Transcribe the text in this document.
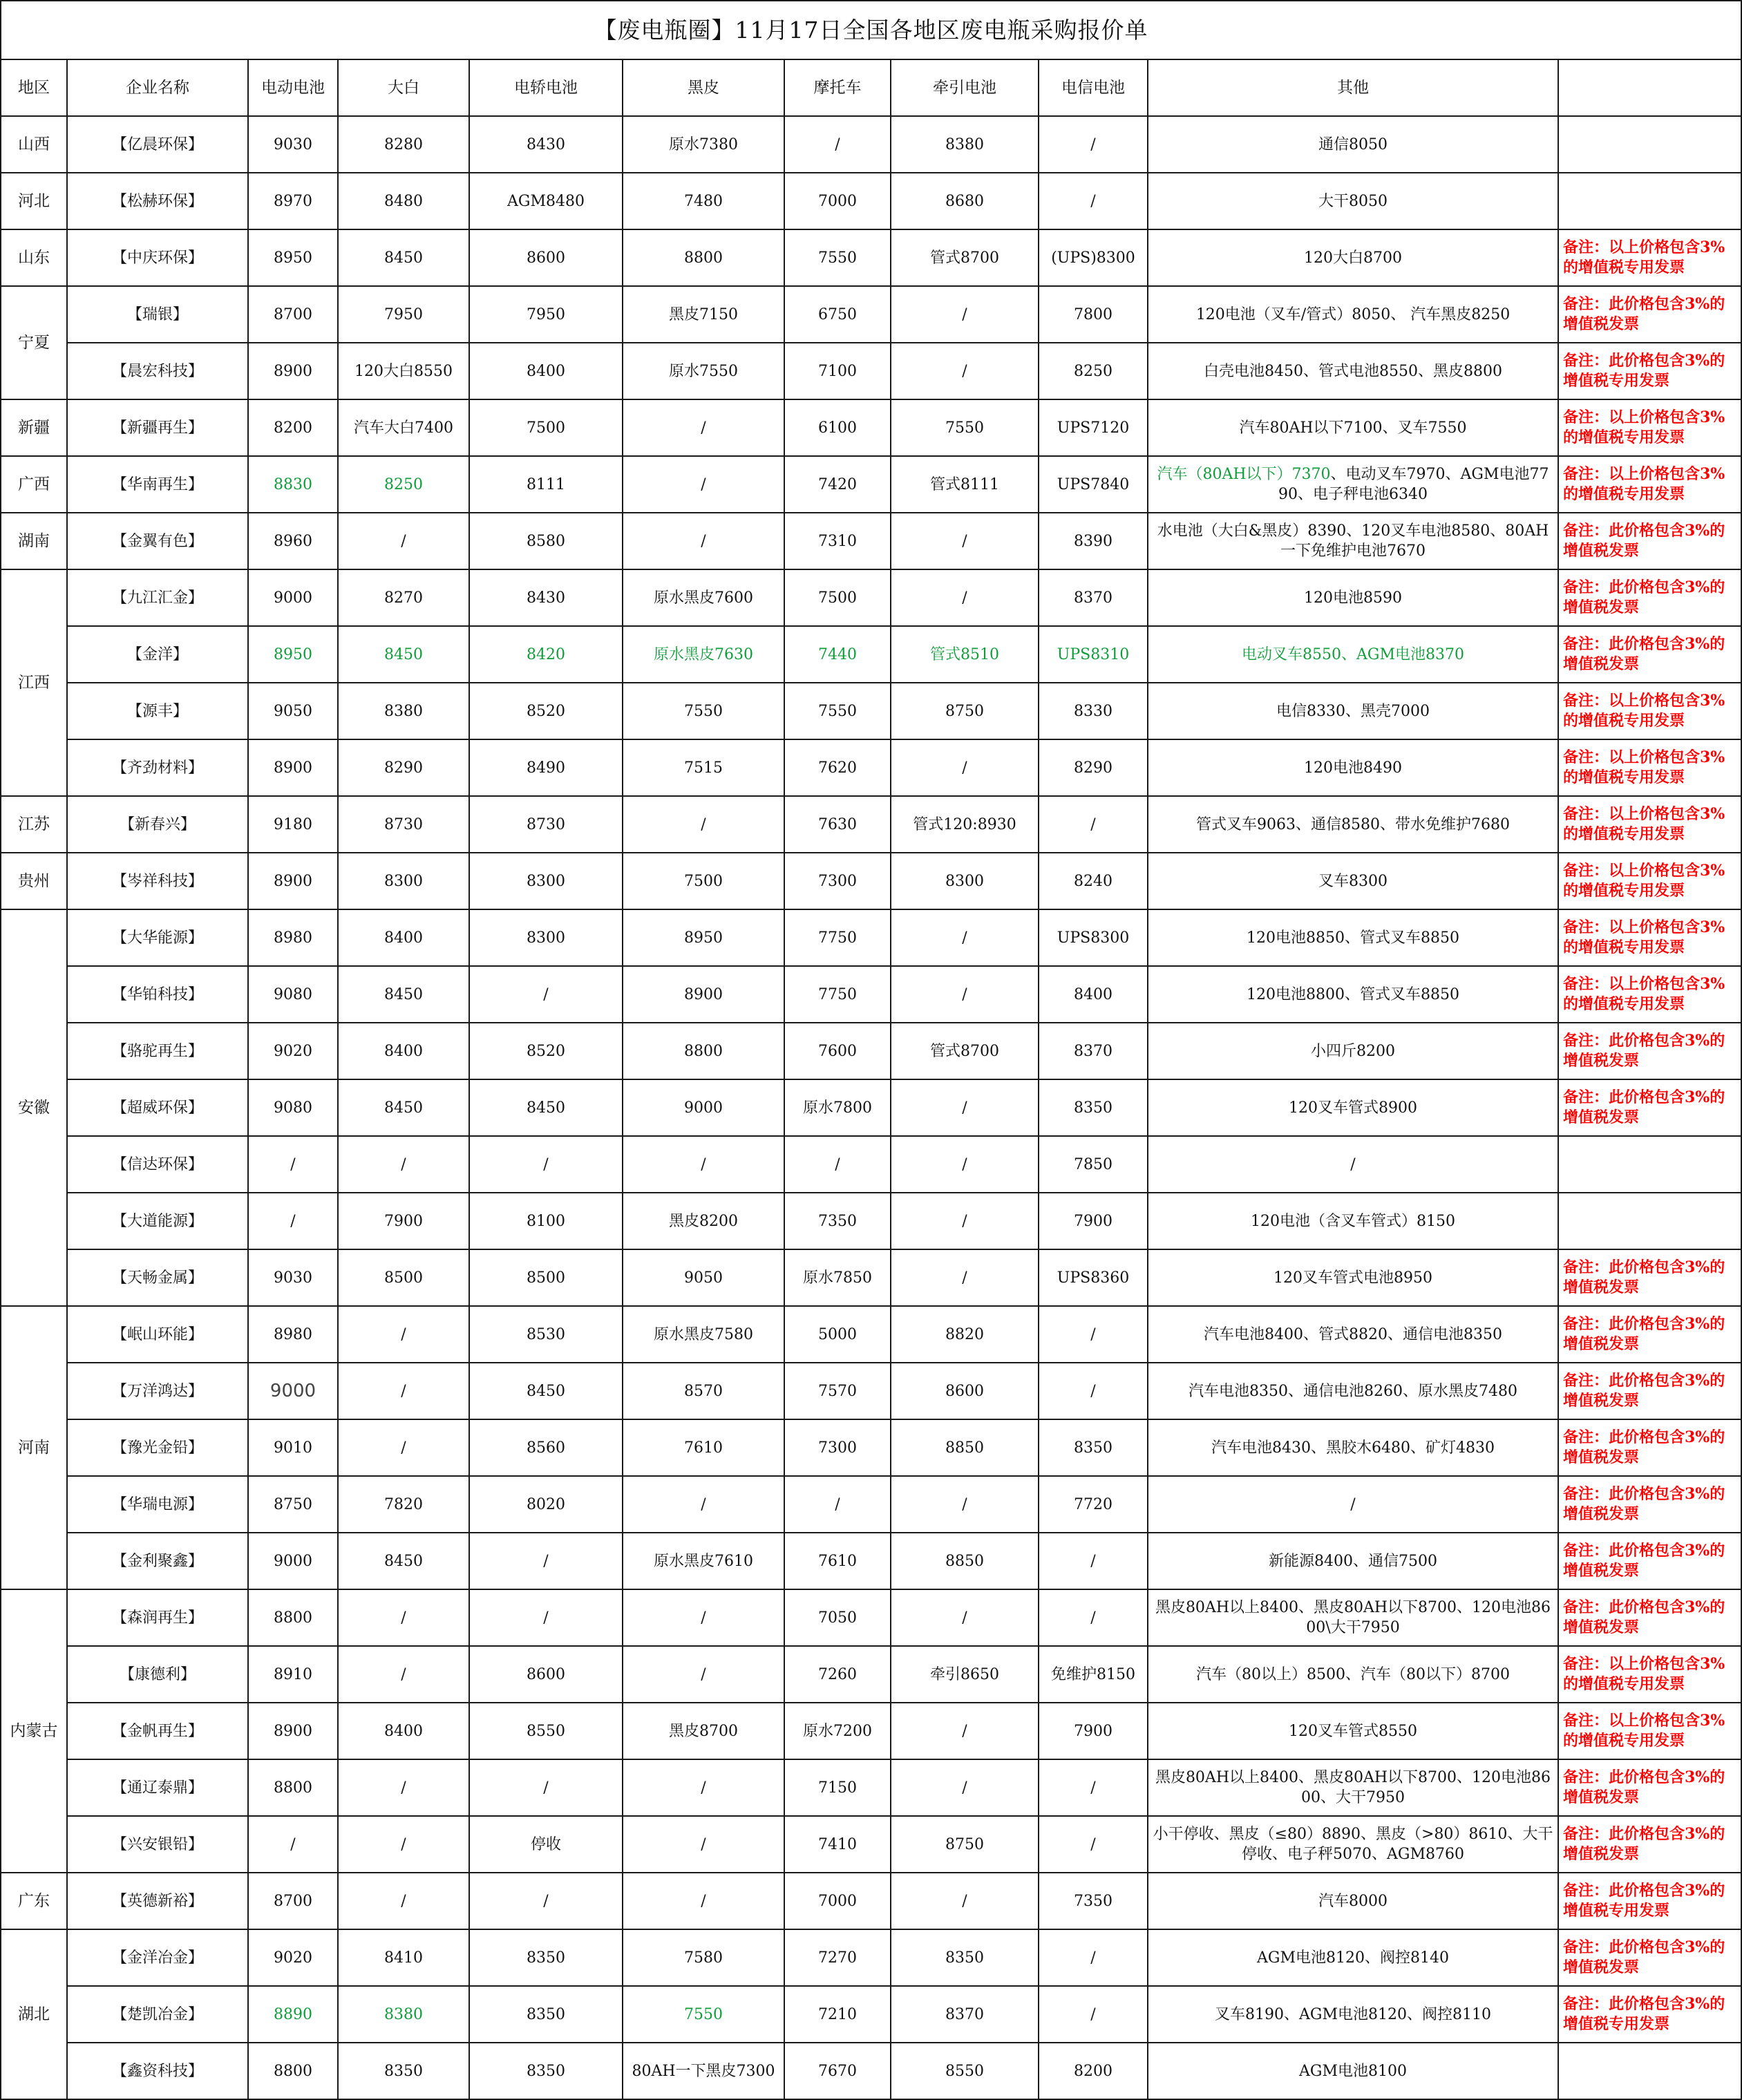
【废电瓶圈】11月17日全国各地区废电瓶采购报价单										
地区	企业名称	电动电池	大白	电轿电池	黑皮	摩托车	牵引电池	电信电池	其他	
山西	【亿晨环保】	9030	8280	8430	原水7380	/	8380	/	通信8050	
河北	【松赫环保】	8970	8480	AGM8480	7480	7000	8680	/	大干8050	
山东	【中庆环保】	8950	8450	8600	8800	7550	管式8700	(UPS)8300	120大白8700	备注：以上价格包含3%的增值税专用发票
宁夏	【瑞银】	8700	7950	7950	黑皮7150	6750	/	7800	120电池（叉车/管式）8050、 汽车黑皮8250	备注：此价格包含3%的增值税发票
	【晨宏科技】	8900	120大白8550	8400	原水7550	7100	/	8250	白壳电池8450、管式电池8550、黑皮8800	备注：此价格包含3%的增值税专用发票
新疆	【新疆再生】	8200	汽车大白7400	7500	/	6100	7550	UPS7120	汽车80AH以下7100、叉车7550	备注：以上价格包含3%的增值税专用发票
广西	【华南再生】	8830	8250	8111	/	7420	管式8111	UPS7840	汽车（80AH以下）7370、电动叉车7970、AGM电池7790、电子秤电池6340	备注：以上价格包含3%的增值税专用发票
湖南	【金翼有色】	8960	/	8580	/	7310	/	8390	水电池（大白&黑皮）8390、120叉车电池8580、80AH一下免维护电池7670	备注：此价格包含3%的增值税发票
江西	【九江汇金】	9000	8270	8430	原水黑皮7600	7500	/	8370	120电池8590	备注：此价格包含3%的增值税发票
	【金洋】	8950	8450	8420	原水黑皮7630	7440	管式8510	UPS8310	电动叉车8550、AGM电池8370	备注：此价格包含3%的增值税发票
	【源丰】	9050	8380	8520	7550	7550	8750	8330	电信8330、黑壳7000	备注：以上价格包含3%的增值税专用发票
	【齐劲材料】	8900	8290	8490	7515	7620	/	8290	120电池8490	备注：以上价格包含3%的增值税专用发票
江苏	【新春兴】	9180	8730	8730	/	7630	管式120:8930	/	管式叉车9063、通信8580、带水免维护7680	备注：以上价格包含3%的增值税专用发票
贵州	【岑祥科技】	8900	8300	8300	7500	7300	8300	8240	叉车8300	备注：以上价格包含3%的增值税专用发票
安徽	【大华能源】	8980	8400	8300	8950	7750	/	UPS8300	120电池8850、管式叉车8850	备注：以上价格包含3%的增值税专用发票
	【华铂科技】	9080	8450	/	8900	7750	/	8400	120电池8800、管式叉车8850	备注：以上价格包含3%的增值税专用发票
	【骆驼再生】	9020	8400	8520	8800	7600	管式8700	8370	小四斤8200	备注：此价格包含3%的增值税发票
	【超威环保】	9080	8450	8450	9000	原水7800	/	8350	120叉车管式8900	备注：此价格包含3%的增值税发票
	【信达环保】	/	/	/	/	/	/	7850	/	
	【大道能源】	/	7900	8100	黑皮8200	7350	/	7900	120电池（含叉车管式）8150	
	【天畅金属】	9030	8500	8500	9050	原水7850	/	UPS8360	120叉车管式电池8950	备注：此价格包含3%的增值税发票
河南	【岷山环能】	8980	/	8530	原水黑皮7580	5000	8820	/	汽车电池8400、管式8820、通信电池8350	备注：此价格包含3%的增值税发票
	【万洋鸿达】	9000	/	8450	8570	7570	8600	/	汽车电池8350、通信电池8260、原水黑皮7480	备注：此价格包含3%的增值税发票
	【豫光金铅】	9010	/	8560	7610	7300	8850	8350	汽车电池8430、黑胶木6480、矿灯4830	备注：此价格包含3%的增值税发票
	【华瑞电源】	8750	7820	8020	/	/	/	7720	/	备注：此价格包含3%的增值税发票
	【金利聚鑫】	9000	8450	/	原水黑皮7610	7610	8850	/	新能源8400、通信7500	备注：此价格包含3%的增值税发票
内蒙古	【森润再生】	8800	/	/	/	7050	/	/	黑皮80AH以上8400、黑皮80AH以下8700、120电池8600\大干7950	备注：此价格包含3%的增值税发票
	【康德利】	8910	/	8600	/	7260	牵引8650	免维护8150	汽车（80以上）8500、汽车（80以下）8700	备注：以上价格包含3%的增值税专用发票
	【金帆再生】	8900	8400	8550	黑皮8700	原水7200	/	7900	120叉车管式8550	备注：以上价格包含3%的增值税专用发票
	【通辽泰鼎】	8800	/	/	/	7150	/	/	黑皮80AH以上8400、黑皮80AH以下8700、120电池8600、大干7950	备注：此价格包含3%的增值税发票
	【兴安银铅】	/	/	停收	/	7410	8750	/	小干停收、黑皮（≤80）8890、黑皮（>80）8610、大干停收、电子秤5070、AGM8760	备注：此价格包含3%的增值税发票
广东	【英德新裕】	8700	/	/	/	7000	/	7350	汽车8000	备注：此价格包含3%的增值税专用发票
湖北	【金洋冶金】	9020	8410	8350	7580	7270	8350	/	AGM电池8120、阀控8140	备注：此价格包含3%的增值税发票
	【楚凯冶金】	8890	8380	8350	7550	7210	8370	/	叉车8190、AGM电池8120、阀控8110	备注：此价格包含3%的增值税专用发票
	【鑫资科技】	8800	8350	8350	80AH一下黑皮7300	7670	8550	8200	AGM电池8100	
